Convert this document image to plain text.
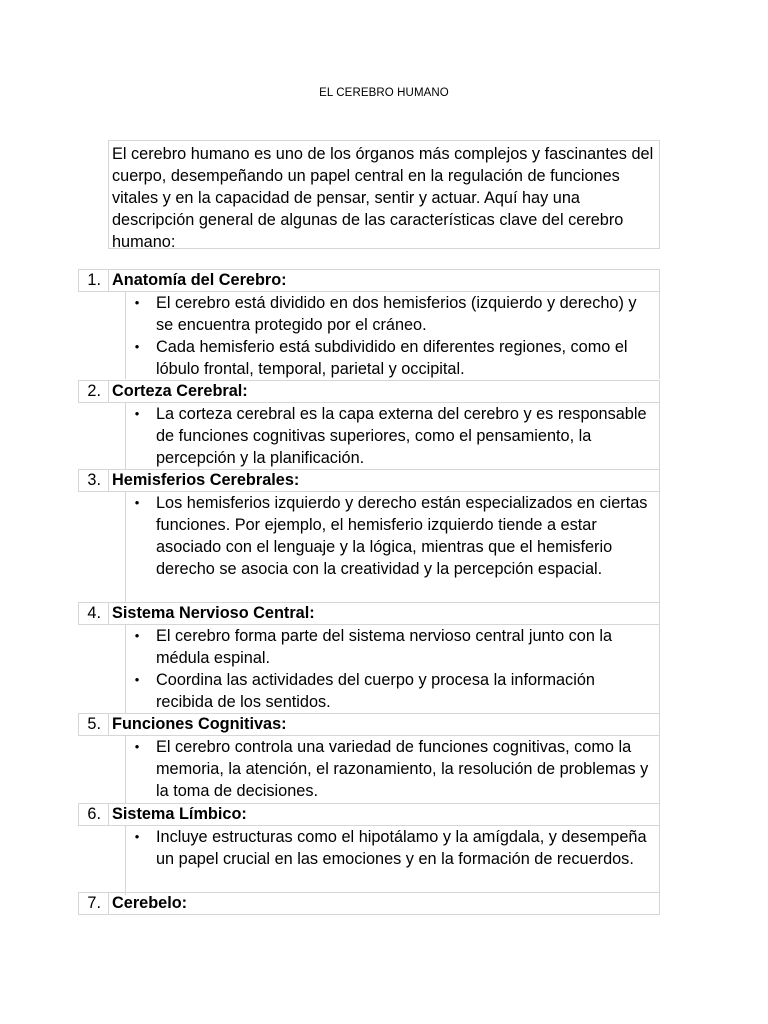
EL CEREBRO HUMANO
El cerebro humano es uno de los órganos más complejos y fascinantes del cuerpo, desempeñando un papel central en la regulación de funciones vitales y en la capacidad de pensar, sentir y actuar. Aquí hay una descripción general de algunas de las características clave del cerebro humano:
1. Anatomía del Cerebro:
• El cerebro está dividido en dos hemisferios (izquierdo y derecho) y se encuentra protegido por el cráneo.
• Cada hemisferio está subdividido en diferentes regiones, como el lóbulo frontal, temporal, parietal y occipital.
2. Corteza Cerebral:
• La corteza cerebral es la capa externa del cerebro y es responsable de funciones cognitivas superiores, como el pensamiento, la percepción y la planificación.
3. Hemisferios Cerebrales:
• Los hemisferios izquierdo y derecho están especializados en ciertas funciones. Por ejemplo, el hemisferio izquierdo tiende a estar asociado con el lenguaje y la lógica, mientras que el hemisferio derecho se asocia con la creatividad y la percepción espacial.
4. Sistema Nervioso Central:
• El cerebro forma parte del sistema nervioso central junto con la médula espinal.
• Coordina las actividades del cuerpo y procesa la información recibida de los sentidos.
5. Funciones Cognitivas:
• El cerebro controla una variedad de funciones cognitivas, como la memoria, la atención, el razonamiento, la resolución de problemas y la toma de decisiones.
6. Sistema Límbico:
• Incluye estructuras como el hipotálamo y la amígdala, y desempeña un papel crucial en las emociones y en la formación de recuerdos.
7. Cerebelo:
